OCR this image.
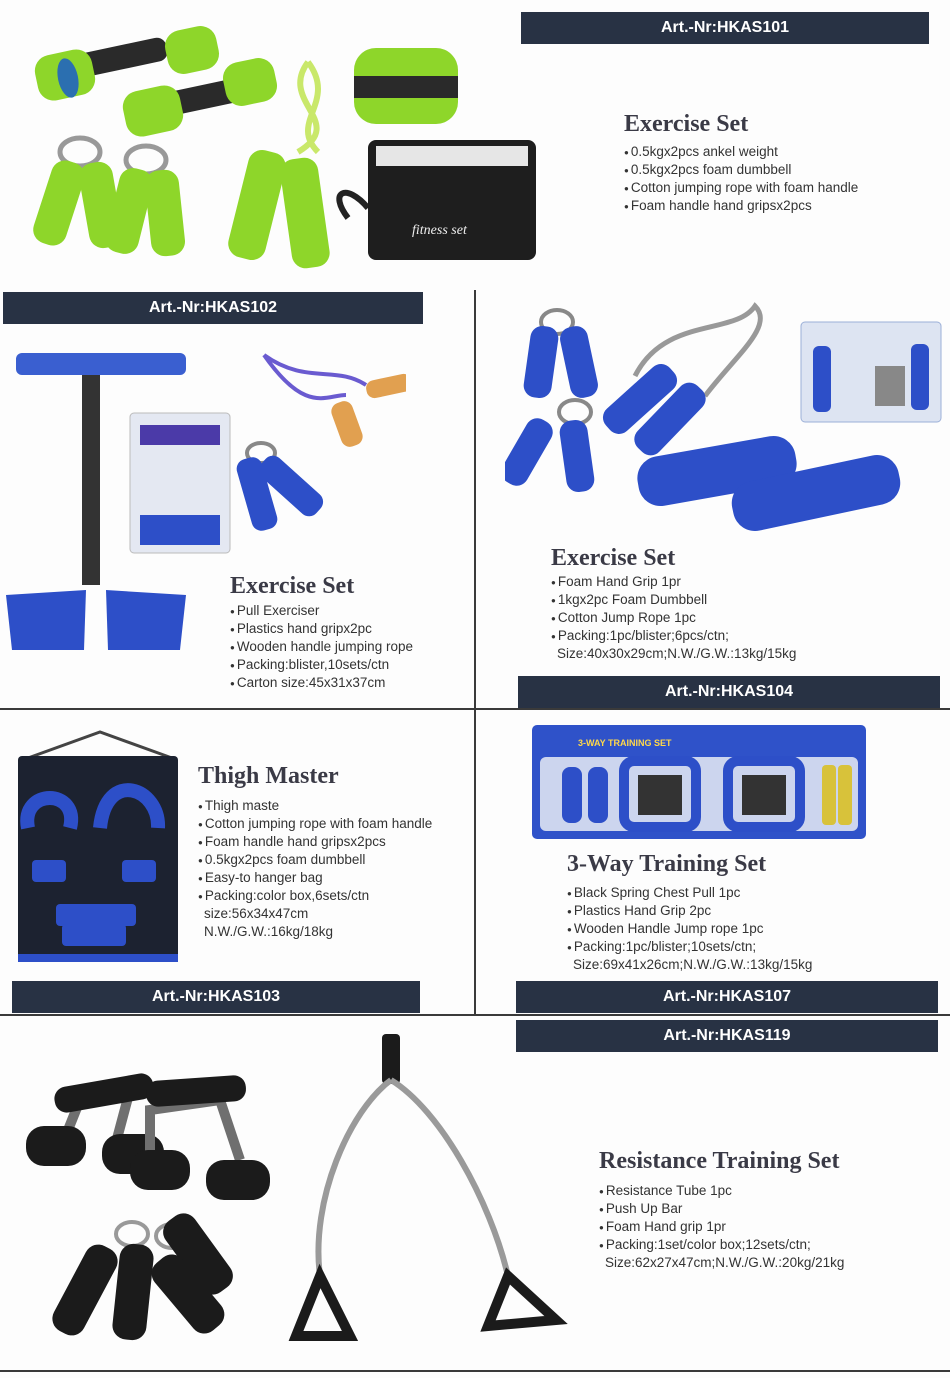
Art.-Nr:HKAS101
fitness set
Exercise Set
● 0.5kgx2pcs ankel weight
● 0.5kgx2pcs foam dumbbell
● Cotton jumping rope with foam handle
● Foam handle hand gripsx2pcs
Art.-Nr:HKAS102
Exercise Set
● Pull Exerciser
● Plastics hand gripx2pc
● Wooden handle jumping rope
● Packing:blister,10sets/ctn
● Carton size:45x31x37cm
Exercise Set
● Foam Hand Grip 1pr
● 1kgx2pc Foam Dumbbell
● Cotton Jump Rope 1pc
● Packing:1pc/blister;6pcs/ctn;
Size:40x30x29cm;N.W./G.W.:13kg/15kg
Art.-Nr:HKAS104
Thigh Master
● Thigh maste
● Cotton jumping rope with foam handle
● Foam handle hand gripsx2pcs
● 0.5kgx2pcs foam dumbbell
● Easy-to hanger bag
● Packing:color box,6sets/ctn
size:56x34x47cm
N.W./G.W.:16kg/18kg
Art.-Nr:HKAS103
3-WAY TRAINING SET
3-Way Training Set
● Black Spring Chest Pull 1pc
● Plastics Hand Grip 2pc
● Wooden Handle Jump rope 1pc
● Packing:1pc/blister;10sets/ctn;
Size:69x41x26cm;N.W./G.W.:13kg/15kg
Art.-Nr:HKAS107
Art.-Nr:HKAS119
Resistance Training Set
● Resistance Tube 1pc
● Push Up Bar
● Foam Hand grip 1pr
● Packing:1set/color box;12sets/ctn;
Size:62x27x47cm;N.W./G.W.:20kg/21kg
